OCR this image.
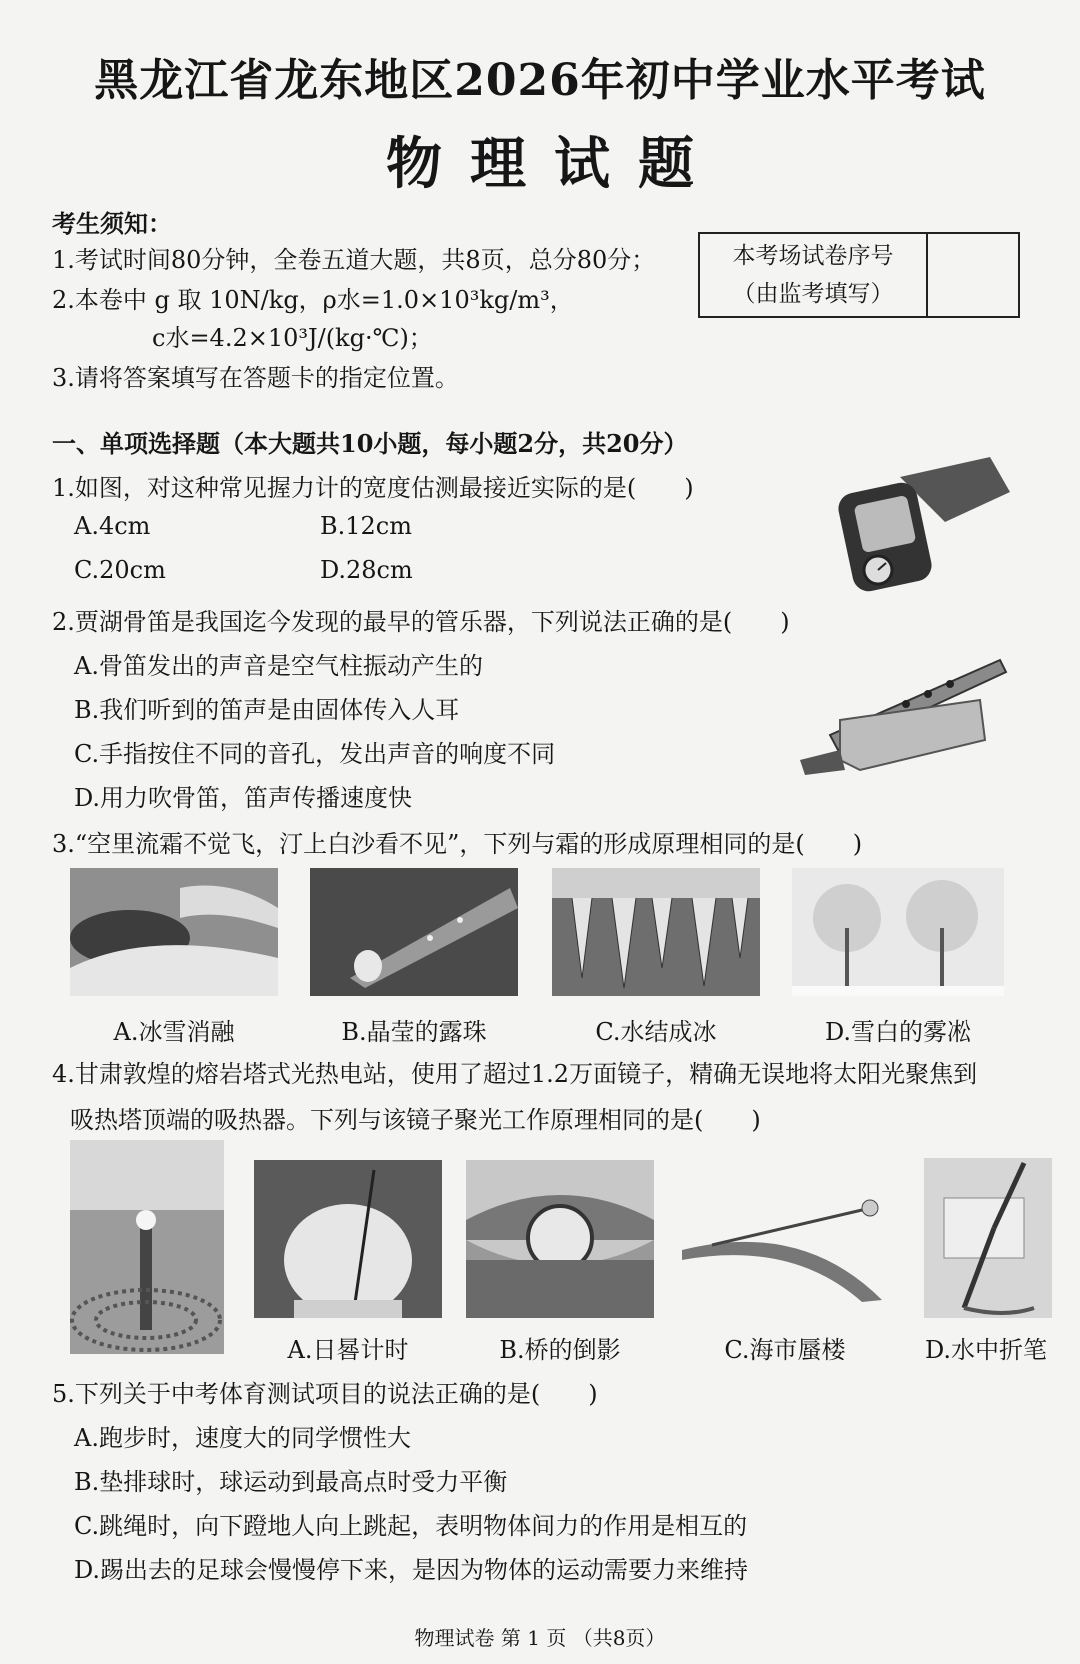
黑龙江省龙东地区2026年初中学业水平考试
物理试题
考生须知：
1.考试时间80分钟，全卷五道大题，共8页，总分80分；
2.本卷中 g 取 10N/kg，ρ水=1.0×10³kg/m³，
c水=4.2×10³J/(kg·℃)；
3.请将答案填写在答题卡的指定位置。
本考场试卷序号
（由监考填写）
一、单项选择题（本大题共10小题，每小题2分，共20分）
1.如图，对这种常见握力计的宽度估测最接近实际的是(　　)
A.4cm	B.12cm
C.20cm	D.28cm
2.贾湖骨笛是我国迄今发现的最早的管乐器，下列说法正确的是(　　)
A.骨笛发出的声音是空气柱振动产生的
B.我们听到的笛声是由固体传入人耳
C.手指按住不同的音孔，发出声音的响度不同
D.用力吹骨笛，笛声传播速度快
3.“空里流霜不觉飞，汀上白沙看不见”，下列与霜的形成原理相同的是(　　)
A.冰雪消融	B.晶莹的露珠	C.水结成冰	D.雪白的雾凇
4.甘肃敦煌的熔岩塔式光热电站，使用了超过1.2万面镜子，精确无误地将太阳光聚焦到
吸热塔顶端的吸热器。下列与该镜子聚光工作原理相同的是(　　)
A.日晷计时	B.桥的倒影	C.海市蜃楼	D.水中折笔
5.下列关于中考体育测试项目的说法正确的是(　　)
A.跑步时，速度大的同学惯性大
B.垫排球时，球运动到最高点时受力平衡
C.跳绳时，向下蹬地人向上跳起，表明物体间力的作用是相互的
D.踢出去的足球会慢慢停下来，是因为物体的运动需要力来维持
物理试卷 第 1 页 （共8页）
